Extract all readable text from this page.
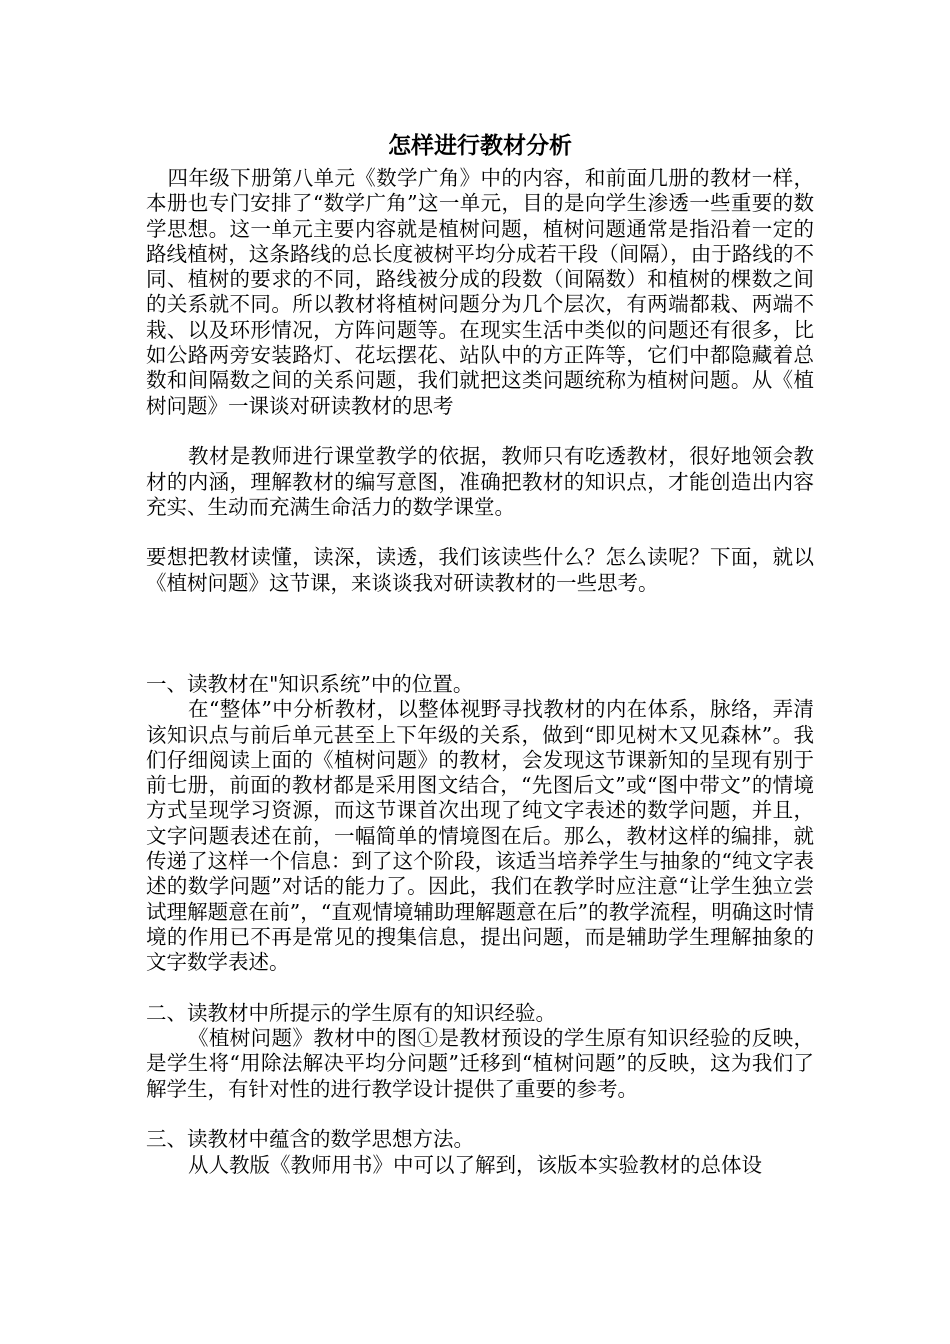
怎样进行教材分析

四年级下册第八单元《数学广角》中的内容，和前面几册的教材一样，本册也专门安排了“数学广角”这一单元，目的是向学生渗透一些重要的数学思想。这一单元主要内容就是植树问题，植树问题通常是指沿着一定的路线植树，这条路线的总长度被树平均分成若干段（间隔），由于路线的不同、植树的要求的不同，路线被分成的段数（间隔数）和植树的棵数之间的关系就不同。所以教材将植树问题分为几个层次，有两端都栽、两端不栽、以及环形情况，方阵问题等。在现实生活中类似的问题还有很多，比如公路两旁安装路灯、花坛摆花、站队中的方正阵等，它们中都隐藏着总数和间隔数之间的关系问题，我们就把这类问题统称为植树问题。从《植树问题》一课谈对研读教材的思考

教材是教师进行课堂教学的依据，教师只有吃透教材，很好地领会教材的内涵，理解教材的编写意图，准确把教材的知识点，才能创造出内容充实、生动而充满生命活力的数学课堂。

要想把教材读懂，读深，读透，我们该读些什么？怎么读呢？下面，就以《植树问题》这节课，来谈谈我对研读教材的一些思考。

一、读教材在"知识系统”中的位置。

在“整体”中分析教材，以整体视野寻找教材的内在体系，脉络，弄清该知识点与前后单元甚至上下年级的关系，做到“即见树木又见森林”。我们仔细阅读上面的《植树问题》的教材，会发现这节课新知的呈现有别于前七册，前面的教材都是采用图文结合，“先图后文”或“图中带文”的情境方式呈现学习资源，而这节课首次出现了纯文字表述的数学问题，并且，文字问题表述在前，一幅简单的情境图在后。那么，教材这样的编排，就传递了这样一个信息：到了这个阶段，该适当培养学生与抽象的“纯文字表述的数学问题”对话的能力了。因此，我们在教学时应注意“让学生独立尝试理解题意在前”，“直观情境辅助理解题意在后”的教学流程，明确这时情境的作用已不再是常见的搜集信息，提出问题，而是辅助学生理解抽象的文字数学表述。

二、读教材中所提示的学生原有的知识经验。

《植树问题》教材中的图①是教材预设的学生原有知识经验的反映，是学生将“用除法解决平均分问题”迁移到“植树问题”的反映，这为我们了解学生，有针对性的进行教学设计提供了重要的参考。

三、读教材中蕴含的数学思想方法。

从人教版《教师用书》中可以了解到，该版本实验教材的总体设
